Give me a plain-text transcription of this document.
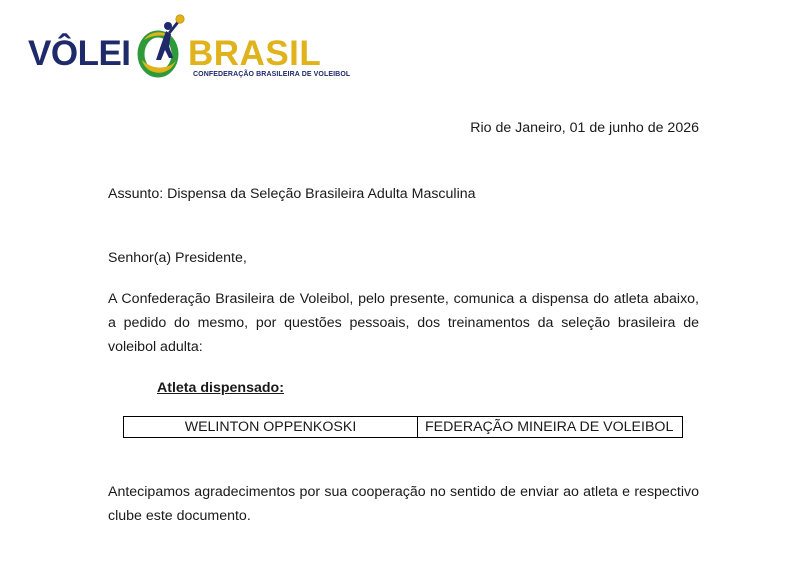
VÔLEI BRASIL
CONFEDERAÇÃO BRASILEIRA DE VOLEIBOL
Rio de Janeiro, 01 de junho de 2026
Assunto: Dispensa da Seleção Brasileira Adulta Masculina
Senhor(a) Presidente,
A Confederação Brasileira de Voleibol, pelo presente, comunica a dispensa do atleta abaixo, a pedido do mesmo, por questões pessoais, dos treinamentos da seleção brasileira de voleibol adulta:
Atleta dispensado:
WELINTON OPPENKOSKI	FEDERAÇÃO MINEIRA DE VOLEIBOL
Antecipamos agradecimentos por sua cooperação no sentido de enviar ao atleta e respectivo clube este documento.
